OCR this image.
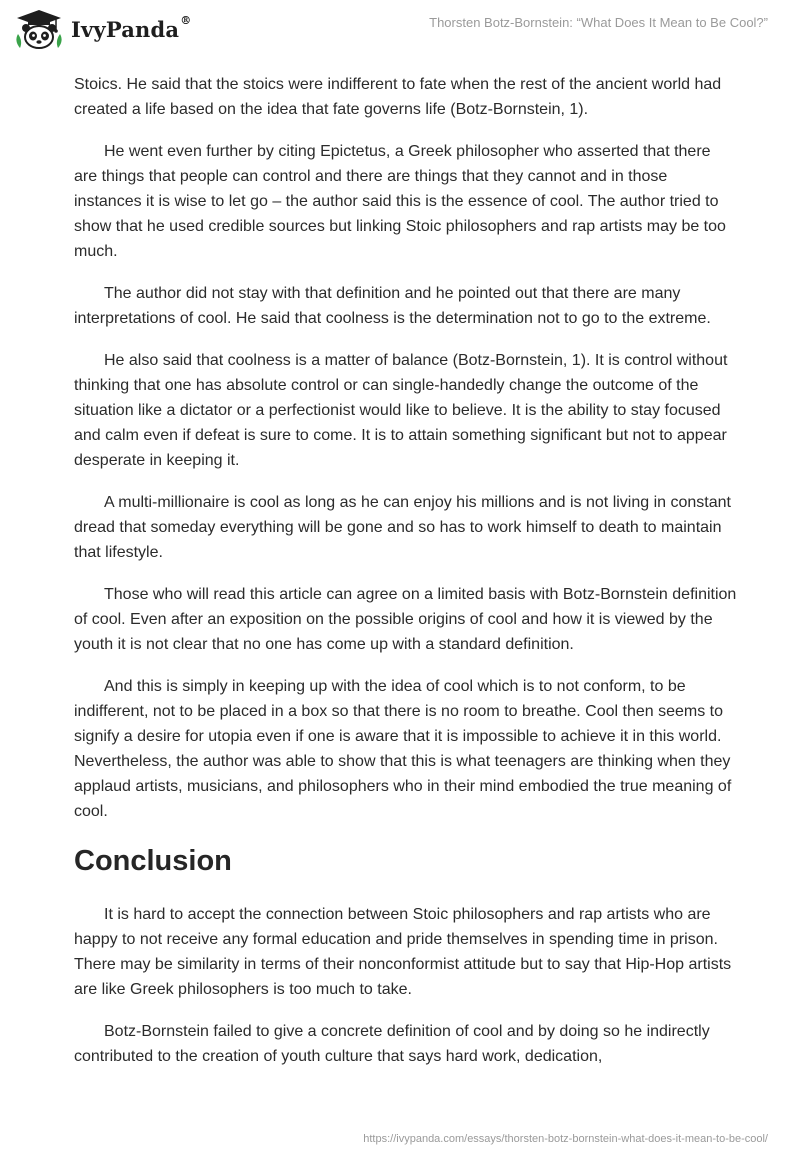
IvyPanda®	Thorsten Botz-Bornstein: “What Does It Mean to Be Cool?”

Stoics. He said that the stoics were indifferent to fate when the rest of the ancient world had created a life based on the idea that fate governs life (Botz-Bornstein, 1).

He went even further by citing Epictetus, a Greek philosopher who asserted that there are things that people can control and there are things that they cannot and in those instances it is wise to let go – the author said this is the essence of cool. The author tried to show that he used credible sources but linking Stoic philosophers and rap artists may be too much.

The author did not stay with that definition and he pointed out that there are many interpretations of cool. He said that coolness is the determination not to go to the extreme.

He also said that coolness is a matter of balance (Botz-Bornstein, 1). It is control without thinking that one has absolute control or can single-handedly change the outcome of the situation like a dictator or a perfectionist would like to believe. It is the ability to stay focused and calm even if defeat is sure to come. It is to attain something significant but not to appear desperate in keeping it.

A multi-millionaire is cool as long as he can enjoy his millions and is not living in constant dread that someday everything will be gone and so has to work himself to death to maintain that lifestyle.

Those who will read this article can agree on a limited basis with Botz-Bornstein definition of cool. Even after an exposition on the possible origins of cool and how it is viewed by the youth it is not clear that no one has come up with a standard definition.

And this is simply in keeping up with the idea of cool which is to not conform, to be indifferent, not to be placed in a box so that there is no room to breathe. Cool then seems to signify a desire for utopia even if one is aware that it is impossible to achieve it in this world. Nevertheless, the author was able to show that this is what teenagers are thinking when they applaud artists, musicians, and philosophers who in their mind embodied the true meaning of cool.

Conclusion

It is hard to accept the connection between Stoic philosophers and rap artists who are happy to not receive any formal education and pride themselves in spending time in prison. There may be similarity in terms of their nonconformist attitude but to say that Hip-Hop artists are like Greek philosophers is too much to take.

Botz-Bornstein failed to give a concrete definition of cool and by doing so he indirectly contributed to the creation of youth culture that says hard work, dedication,

https://ivypanda.com/essays/thorsten-botz-bornstein-what-does-it-mean-to-be-cool/
